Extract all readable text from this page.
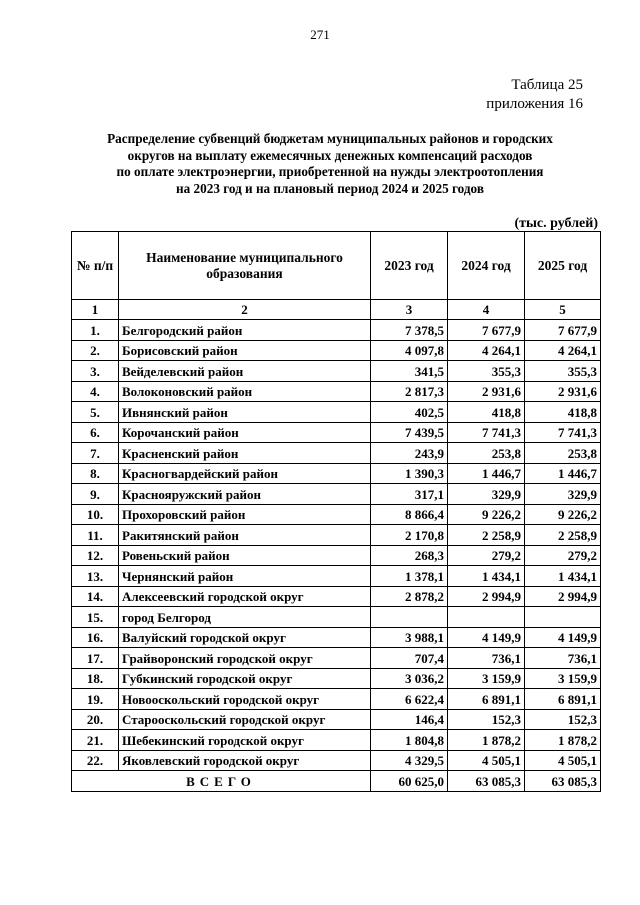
271
Таблица 25
приложения 16
Распределение субвенций бюджетам муниципальных районов и городских
округов на выплату ежемесячных денежных компенсаций расходов
по оплате электроэнергии, приобретенной на нужды электроотопления
на 2023 год и на плановый период 2024 и 2025 годов
(тыс. рублей)
№ п/п	Наименование муниципального образования	2023 год	2024 год	2025 год
1	2	3	4	5
1.	Белгородский район	7 378,5	7 677,9	7 677,9
2.	Борисовский район	4 097,8	4 264,1	4 264,1
3.	Вейделевский район	341,5	355,3	355,3
4.	Волоконовский район	2 817,3	2 931,6	2 931,6
5.	Ивнянский район	402,5	418,8	418,8
6.	Корочанский район	7 439,5	7 741,3	7 741,3
7.	Красненский район	243,9	253,8	253,8
8.	Красногвардейский район	1 390,3	1 446,7	1 446,7
9.	Краснояружский район	317,1	329,9	329,9
10.	Прохоровский район	8 866,4	9 226,2	9 226,2
11.	Ракитянский район	2 170,8	2 258,9	2 258,9
12.	Ровеньский район	268,3	279,2	279,2
13.	Чернянский район	1 378,1	1 434,1	1 434,1
14.	Алексеевский городской округ	2 878,2	2 994,9	2 994,9
15.	город Белгород			
16.	Валуйский городской округ	3 988,1	4 149,9	4 149,9
17.	Грайворонский городской округ	707,4	736,1	736,1
18.	Губкинский городской округ	3 036,2	3 159,9	3 159,9
19.	Новооскольский городской округ	6 622,4	6 891,1	6 891,1
20.	Старооскольский городской округ	146,4	152,3	152,3
21.	Шебекинский городской округ	1 804,8	1 878,2	1 878,2
22.	Яковлевский городской округ	4 329,5	4 505,1	4 505,1
ВСЕГО		60 625,0	63 085,3	63 085,3
